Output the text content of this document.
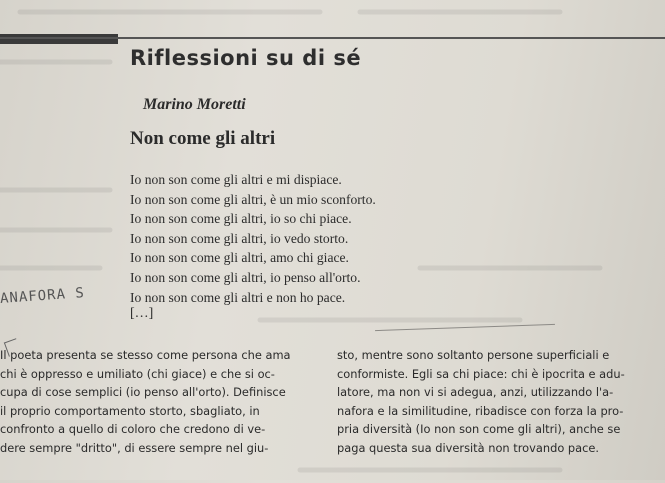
Riflessioni su di sé

Marino Moretti

Non come gli altri
Io non son come gli altri e mi dispiace.
Io non son come gli altri, è un mio sconforto.
Io non son come gli altri, io so chi piace.
Io non son come gli altri, io vedo storto.
Io non son come gli altri, amo chi giace.
Io non son come gli altri, io penso all'orto.
Io non son come gli altri e non ho pace.
[…]
ANAFORA S
Il poeta presenta se stesso come persona che ama
chi è oppresso e umiliato (chi giace) e che si oc-
cupa di cose semplici (io penso all'orto). Definisce
il proprio comportamento storto, sbagliato, in
confronto a quello di coloro che credono di ve-
dere sempre "dritto", di essere sempre nel giu-
sto, mentre sono soltanto persone superficiali e
conformiste. Egli sa chi piace: chi è ipocrita e adu-
latore, ma non vi si adegua, anzi, utilizzando l'a-
nafora e la similitudine, ribadisce con forza la pro-
pria diversità (Io non son come gli altri), anche se
paga questa sua diversità non trovando pace.
